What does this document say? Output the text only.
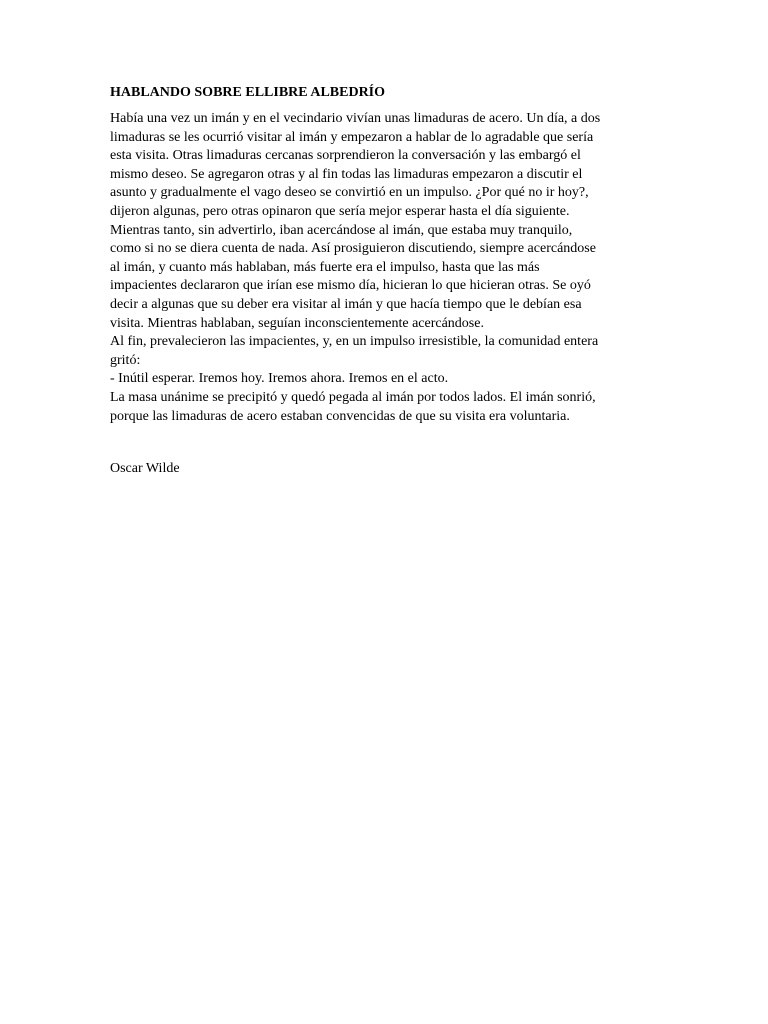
HABLANDO SOBRE ELLIBRE ALBEDRÍO

Había una vez un imán y en el vecindario vivían unas limaduras de acero. Un día, a dos
limaduras se les ocurrió visitar al imán y empezaron a hablar de lo agradable que sería
esta visita. Otras limaduras cercanas sorprendieron la conversación y las embargó el
mismo deseo. Se agregaron otras y al fin todas las limaduras empezaron a discutir el
asunto y gradualmente el vago deseo se convirtió en un impulso. ¿Por qué no ir hoy?,
dijeron algunas, pero otras opinaron que sería mejor esperar hasta el día siguiente.
Mientras tanto, sin advertirlo, iban acercándose al imán, que estaba muy tranquilo,
como si no se diera cuenta de nada. Así prosiguieron discutiendo, siempre acercándose
al imán, y cuanto más hablaban, más fuerte era el impulso, hasta que las más
impacientes declararon que irían ese mismo día, hicieran lo que hicieran otras. Se oyó
decir a algunas que su deber era visitar al imán y que hacía tiempo que le debían esa
visita. Mientras hablaban, seguían inconscientemente acercándose.
Al fin, prevalecieron las impacientes, y, en un impulso irresistible, la comunidad entera
gritó:
- Inútil esperar. Iremos hoy. Iremos ahora. Iremos en el acto.
La masa unánime se precipitó y quedó pegada al imán por todos lados. El imán sonrió,
porque las limaduras de acero estaban convencidas de que su visita era voluntaria.

Oscar Wilde
